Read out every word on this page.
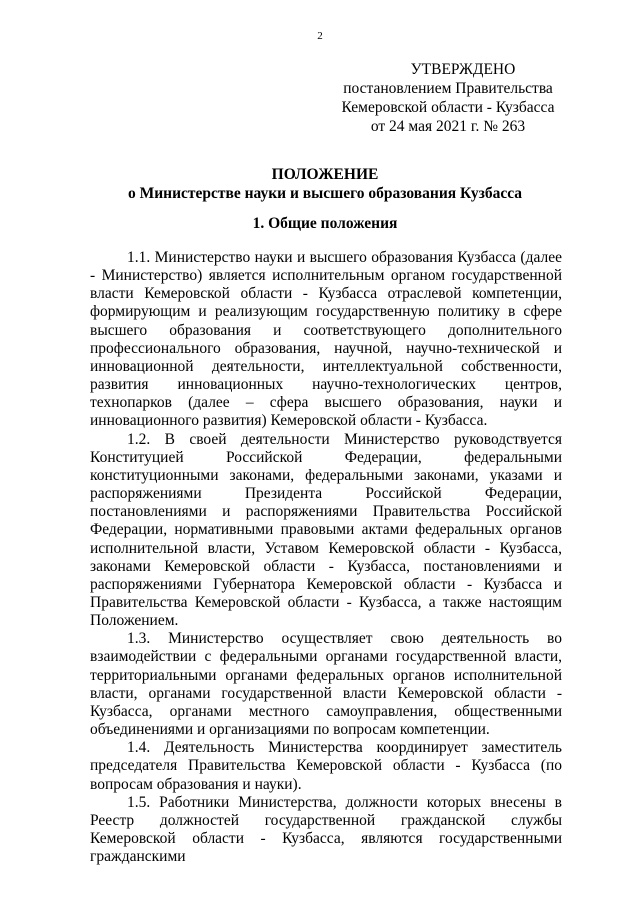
2
УТВЕРЖДЕНО
постановлением Правительства
Кемеровской области - Кузбасса
от 24 мая 2021 г. № 263
ПОЛОЖЕНИЕ
о Министерстве науки и высшего образования Кузбасса
1. Общие положения

1.1. Министерство науки и высшего образования Кузбасса (далее - Министерство) является исполнительным органом государственной власти Кемеровской области - Кузбасса отраслевой компетенции, формирующим и реализующим государственную политику в сфере высшего образования и соответствующего дополнительного профессионального образования, научной, научно-технической и инновационной деятельности, интеллектуальной собственности, развития инновационных научно-технологических центров, технопарков (далее – сфера высшего образования, науки и инновационного развития) Кемеровской области - Кузбасса.

1.2. В своей деятельности Министерство руководствуется Конституцией Российской Федерации, федеральными конституционными законами, федеральными законами, указами и распоряжениями Президента Российской Федерации, постановлениями и распоряжениями Правительства Российской Федерации, нормативными правовыми актами федеральных органов исполнительной власти, Уставом Кемеровской области - Кузбасса, законами Кемеровской области - Кузбасса, постановлениями и распоряжениями Губернатора Кемеровской области - Кузбасса и Правительства Кемеровской области - Кузбасса, а также настоящим Положением.

1.3. Министерство осуществляет свою деятельность во взаимодействии с федеральными органами государственной власти, территориальными органами федеральных органов исполнительной власти, органами государственной власти Кемеровской области - Кузбасса, органами местного самоуправления, общественными объединениями и организациями по вопросам компетенции.

1.4. Деятельность Министерства координирует заместитель председателя Правительства Кемеровской области - Кузбасса (по вопросам образования и науки).

1.5. Работники Министерства, должности которых внесены в Реестр должностей государственной гражданской службы Кемеровской области - Кузбасса, являются государственными гражданскими
